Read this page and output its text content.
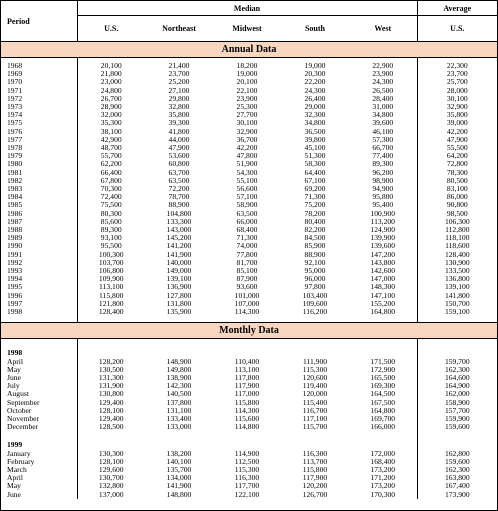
Period	Median					Average
	U.S.	Northeast	Midwest	South	West	U.S.
Annual Data						

1968	20,100	21,400	18,200	19,000	22,900	22,300
1969	21,800	23,700	19,000	20,300	23,900	23,700
1970	23,000	25,200	20,100	22,200	24,300	25,700
1971	24,800	27,100	22,100	24,300	26,500	28,000
1972	26,700	29,800	23,900	26,400	28,400	30,100
1973	28,900	32,800	25,300	29,000	31,000	32,900
1974	32,000	35,800	27,700	32,300	34,800	35,800
1975	35,300	39,300	30,100	34,800	39,600	39,000
1976	38,100	41,800	32,900	36,500	46,100	42,200
1977	42,900	44,000	36,700	39,800	57,300	47,900
1978	48,700	47,900	42,200	45,100	66,700	55,500
1979	55,700	53,600	47,800	51,300	77,400	64,200
1980	62,200	60,800	51,900	58,300	89,300	72,800
1981	66,400	63,700	54,300	64,400	96,200	78,300
1982	67,800	63,500	55,100	67,100	98,900	80,500
1983	70,300	72,200	56,600	69,200	94,900	83,100
1984	72,400	78,700	57,100	71,300	95,800	86,000
1985	75,500	88,900	58,900	75,200	95,400	90,800
1986	80,300	104,800	63,500	78,200	100,900	98,500
1987	85,600	133,300	66,000	80,400	113,200	106,300
1988	89,300	143,000	68,400	82,200	124,900	112,800
1989	93,100	145,200	71,300	84,500	139,900	118,100
1990	95,500	141,200	74,000	85,900	139,600	118,600
1991	100,300	141,900	77,800	88,900	147,200	128,400
1992	103,700	140,000	81,700	92,100	143,800	130,900
1993	106,800	149,000	85,100	95,000	142,600	133,500
1994	109,900	139,100	87,900	96,000	147,000	136,800
1995	113,100	136,900	93,600	97,800	148,300	139,100
1996	115,800	127,800	101,000	103,400	147,100	141,800
1997	121,800	131,800	107,000	109,600	155,200	150,700
1998	128,400	135,900	114,300	116,200	164,800	159,100

Monthly Data						

1998						
April	128,200	148,900	110,400	111,900	171,500	159,700
May	130,500	149,800	113,100	115,300	172,900	162,300
June	131,300	138,900	117,800	120,600	165,500	164,600
July	131,900	142,300	117,900	119,400	169,300	164,900
August	130,800	140,500	117,000	120,000	164,500	162,000
September	129,400	137,800	115,800	115,400	167,500	158,900
October	128,100	131,100	114,300	116,700	164,800	157,700
November	129,400	133,400	115,600	117,100	169,700	159,900
December	128,500	133,000	114,800	115,700	166,000	159,600

1999						
January	130,300	138,200	114,900	116,300	172,000	162,800
February	128,100	140,100	112,500	113,700	168,400	159,600
March	129,600	135,700	115,300	115,800	173,200	162,300
April	130,700	134,000	116,300	117,900	171,200	163,800
May	132,800	141,900	117,700	120,200	173,200	167,400
June	137,000	148,800	122,100	126,700	170,300	173,900
